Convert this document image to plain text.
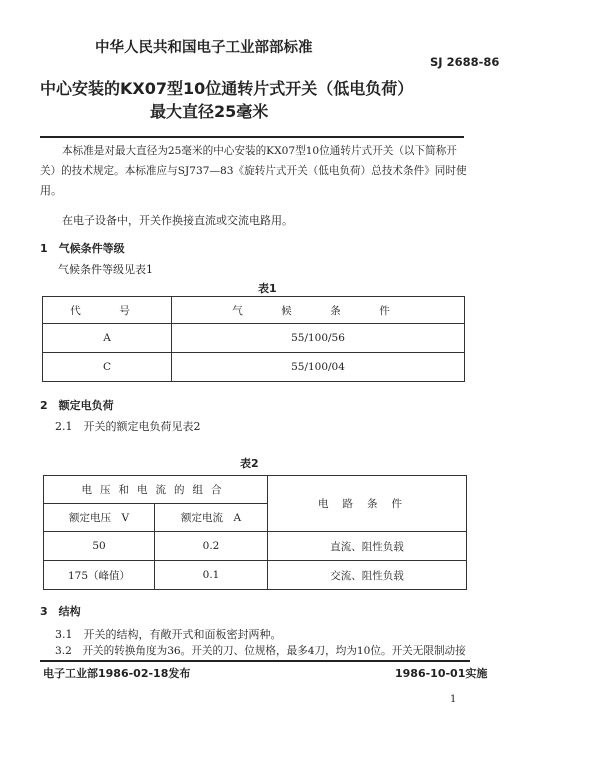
中华人民共和国电子工业部部标准
SJ 2688-86
中心安装的KX07型10位通转片式开关（低电负荷）
最大直径25毫米
本标准是对最大直径为25毫米的中心安装的KX07型10位通转片式开关（以下简称开
关）的技术规定。本标准应与SJ737—83《旋转片式开关（低电负荷）总技术条件》同时使
用。
在电子设备中，开关作换接直流或交流电路用。
1　气候条件等级
气候条件等级见表1
表1
代　号	气　候　条　件
A	55/100/56
C	55/100/04
2　额定电负荷
2.1　开关的额定电负荷见表2
表2
电压和电流的组合		电路条件
额定电压　V	额定电流　A	
50	0.2	直流、阻性负载
175（峰值）	0.1	交流、阻性负载
3　结构
3.1　开关的结构，有敞开式和面板密封两种。
3.2　开关的转换角度为36。开关的刀、位规格，最多4刀，均为10位。开关无限制动接
电子工业部1986-02-18发布	1986-10-01实施
1
